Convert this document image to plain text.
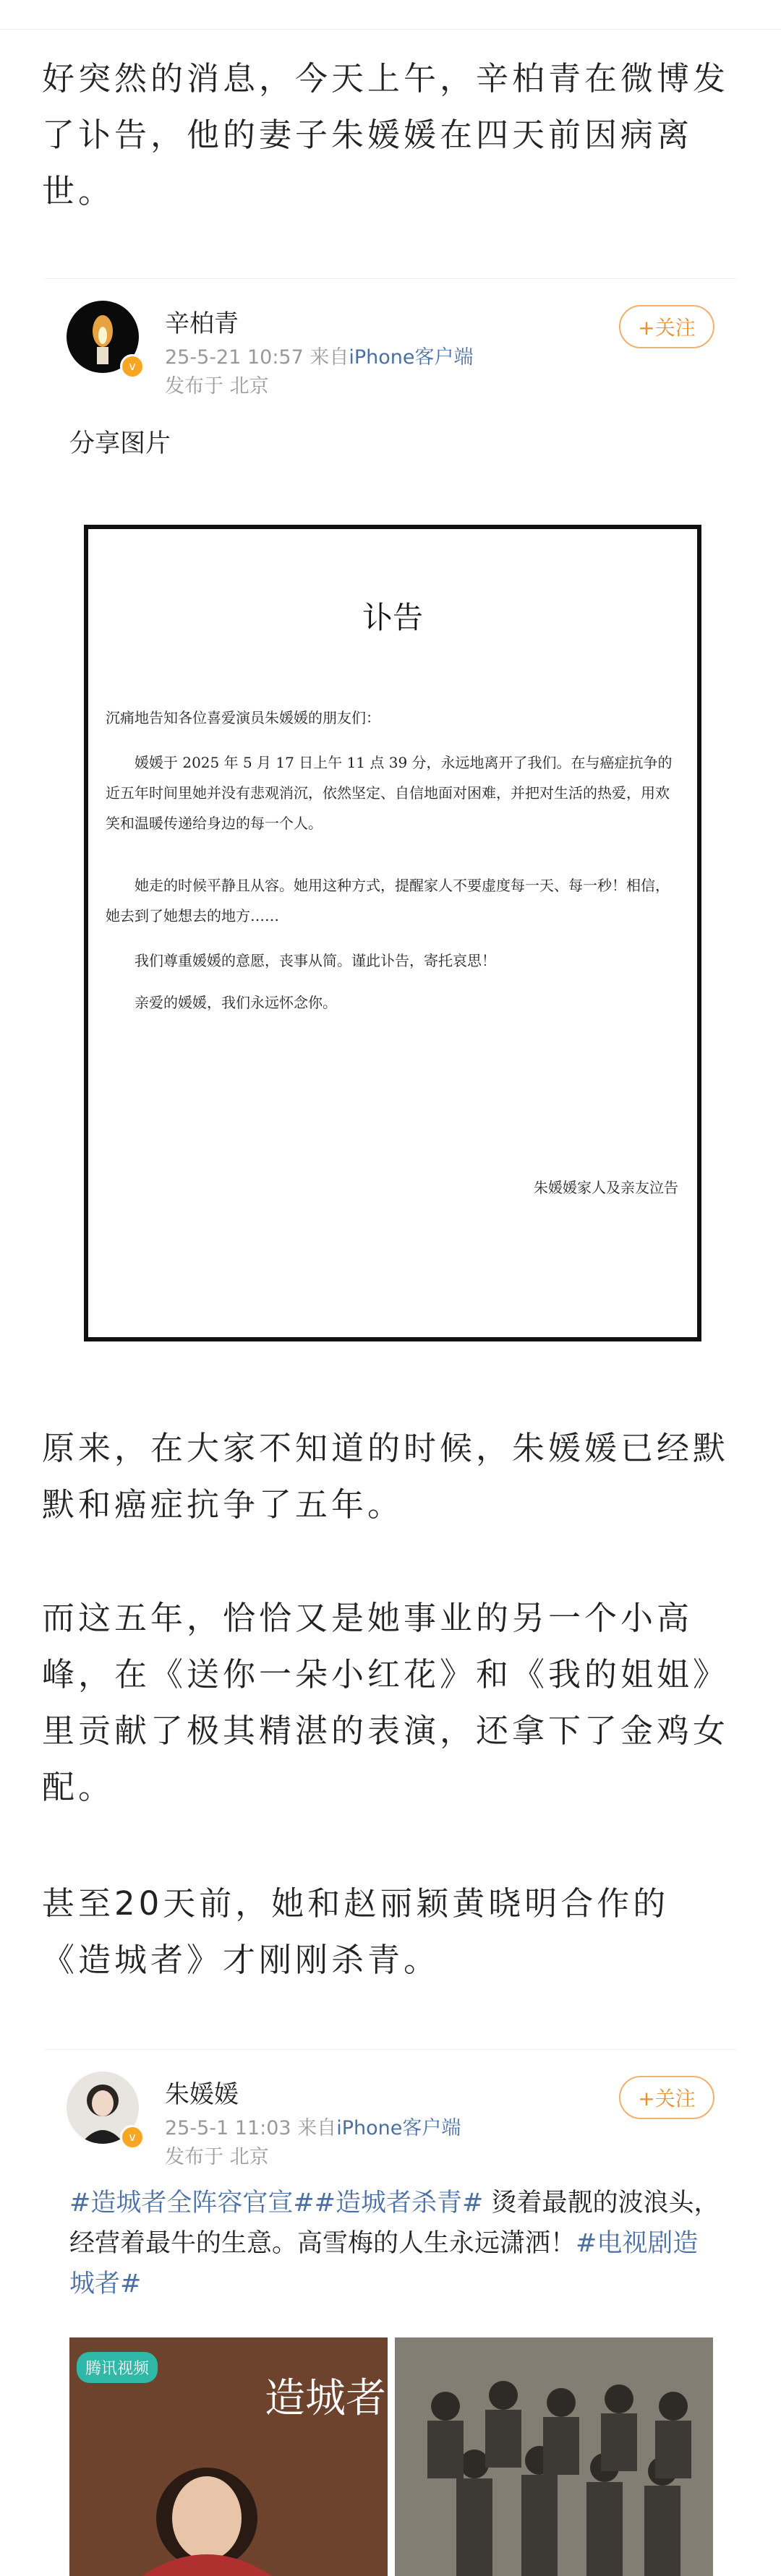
好突然的消息，今天上午，辛柏青在微博发了讣告，他的妻子朱媛媛在四天前因病离世。

v
辛柏青
25-5-21 10:57 来自iPhone客户端
发布于 北京
+关注
分享图片
讣告

沉痛地告知各位喜爱演员朱媛媛的朋友们：

媛媛于 2025 年 5 月 17 日上午 11 点 39 分，永远地离开了我们。在与癌症抗争的近五年时间里她并没有悲观消沉，依然坚定、自信地面对困难，并把对生活的热爱，用欢笑和温暖传递给身边的每一个人。

她走的时候平静且从容。她用这种方式，提醒家人不要虚度每一天、每一秒！相信，她去到了她想去的地方……

我们尊重媛媛的意愿，丧事从简。谨此讣告，寄托哀思！

亲爱的媛媛，我们永远怀念你。

朱媛媛家人及亲友泣告

原来，在大家不知道的时候，朱媛媛已经默默和癌症抗争了五年。

而这五年，恰恰又是她事业的另一个小高峰，在《送你一朵小红花》和《我的姐姐》里贡献了极其精湛的表演，还拿下了金鸡女配。

甚至20天前，她和赵丽颖黄晓明合作的《造城者》才刚刚杀青。

v
朱媛媛
25-5-1 11:03 来自iPhone客户端
发布于 北京
+关注
#造城者全阵容官宣##造城者杀青# 烫着最靓的波浪头，经营着最牛的生意。高雪梅的人生永远潇洒！#电视剧造城者#
腾讯视频
造城者
